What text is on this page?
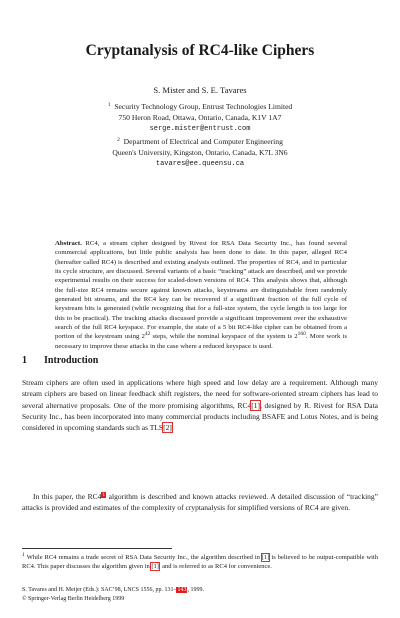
Cryptanalysis of RC4-like Ciphers
S. Mister and S. E. Tavares
$^1$ Security Technology Group, Entrust Technologies Limited
750 Heron Road, Ottawa, Ontario, Canada, K1V 1A7
serge.mister@entrust.com
$^2$ Department of Electrical and Computer Engineering
Queen's University, Kingston, Ontario, Canada, K7L 3N6
tavares@ee.queensu.ca
Abstract. RC4, a stream cipher designed by Rivest for RSA Data Security Inc., has found several commercial applications, but little public analysis has been done to date. In this paper, alleged RC4 (hereafter called RC4) is described and existing analysis outlined. The properties of RC4, and in particular its cycle structure, are discussed. Several variants of a basic “tracking” attack are described, and we provide experimental results on their success for scaled-down versions of RC4. This analysis shows that, although the full-size RC4 remains secure against known attacks, keystreams are distinguishable from randomly generated bit streams, and the RC4 key can be recovered if a significant fraction of the full cycle of keystream bits is generated (while recognizing that for a full-size system, the cycle length is too large for this to be practical). The tracking attacks discussed provide a significant improvement over the exhaustive search of the full RC4 keyspace. For example, the state of a 5 bit RC4-like cipher can be obtained from a portion of the keystream using $2^{42}$ steps, while the nominal keyspace of the system is $2^{160}$. More work is necessary to improve these attacks in the case where a reduced keyspace is used.
1 Introduction
Stream ciphers are often used in applications where high speed and low delay are a requirement. Although many stream ciphers are based on linear feedback shift registers, the need for software-oriented stream ciphers has lead to several alternative proposals. One of the more promising algorithms, RC4[1], designed by R. Rivest for RSA Data Security Inc., has been incorporated into many commercial products including BSAFE and Lotus Notes, and is being considered in upcoming standards such as TLS[2].
In this paper, the RC4$^1$ algorithm is described and known attacks reviewed. A detailed discussion of “tracking” attacks is provided and estimates of the complexity of cryptanalysis for simplified versions of RC4 are given.
$^1$ While RC4 remains a trade secret of RSA Data Security Inc., the algorithm described in [1] is believed to be output-compatible with RC4. This paper discusses the algorithm given in [1], and is referred to as RC4 for convenience.
S. Tavares and H. Meijer (Eds.): SAC’98, LNCS 1556, pp. 131–143, 1999.
© Springer-Verlag Berlin Heidelberg 1999
